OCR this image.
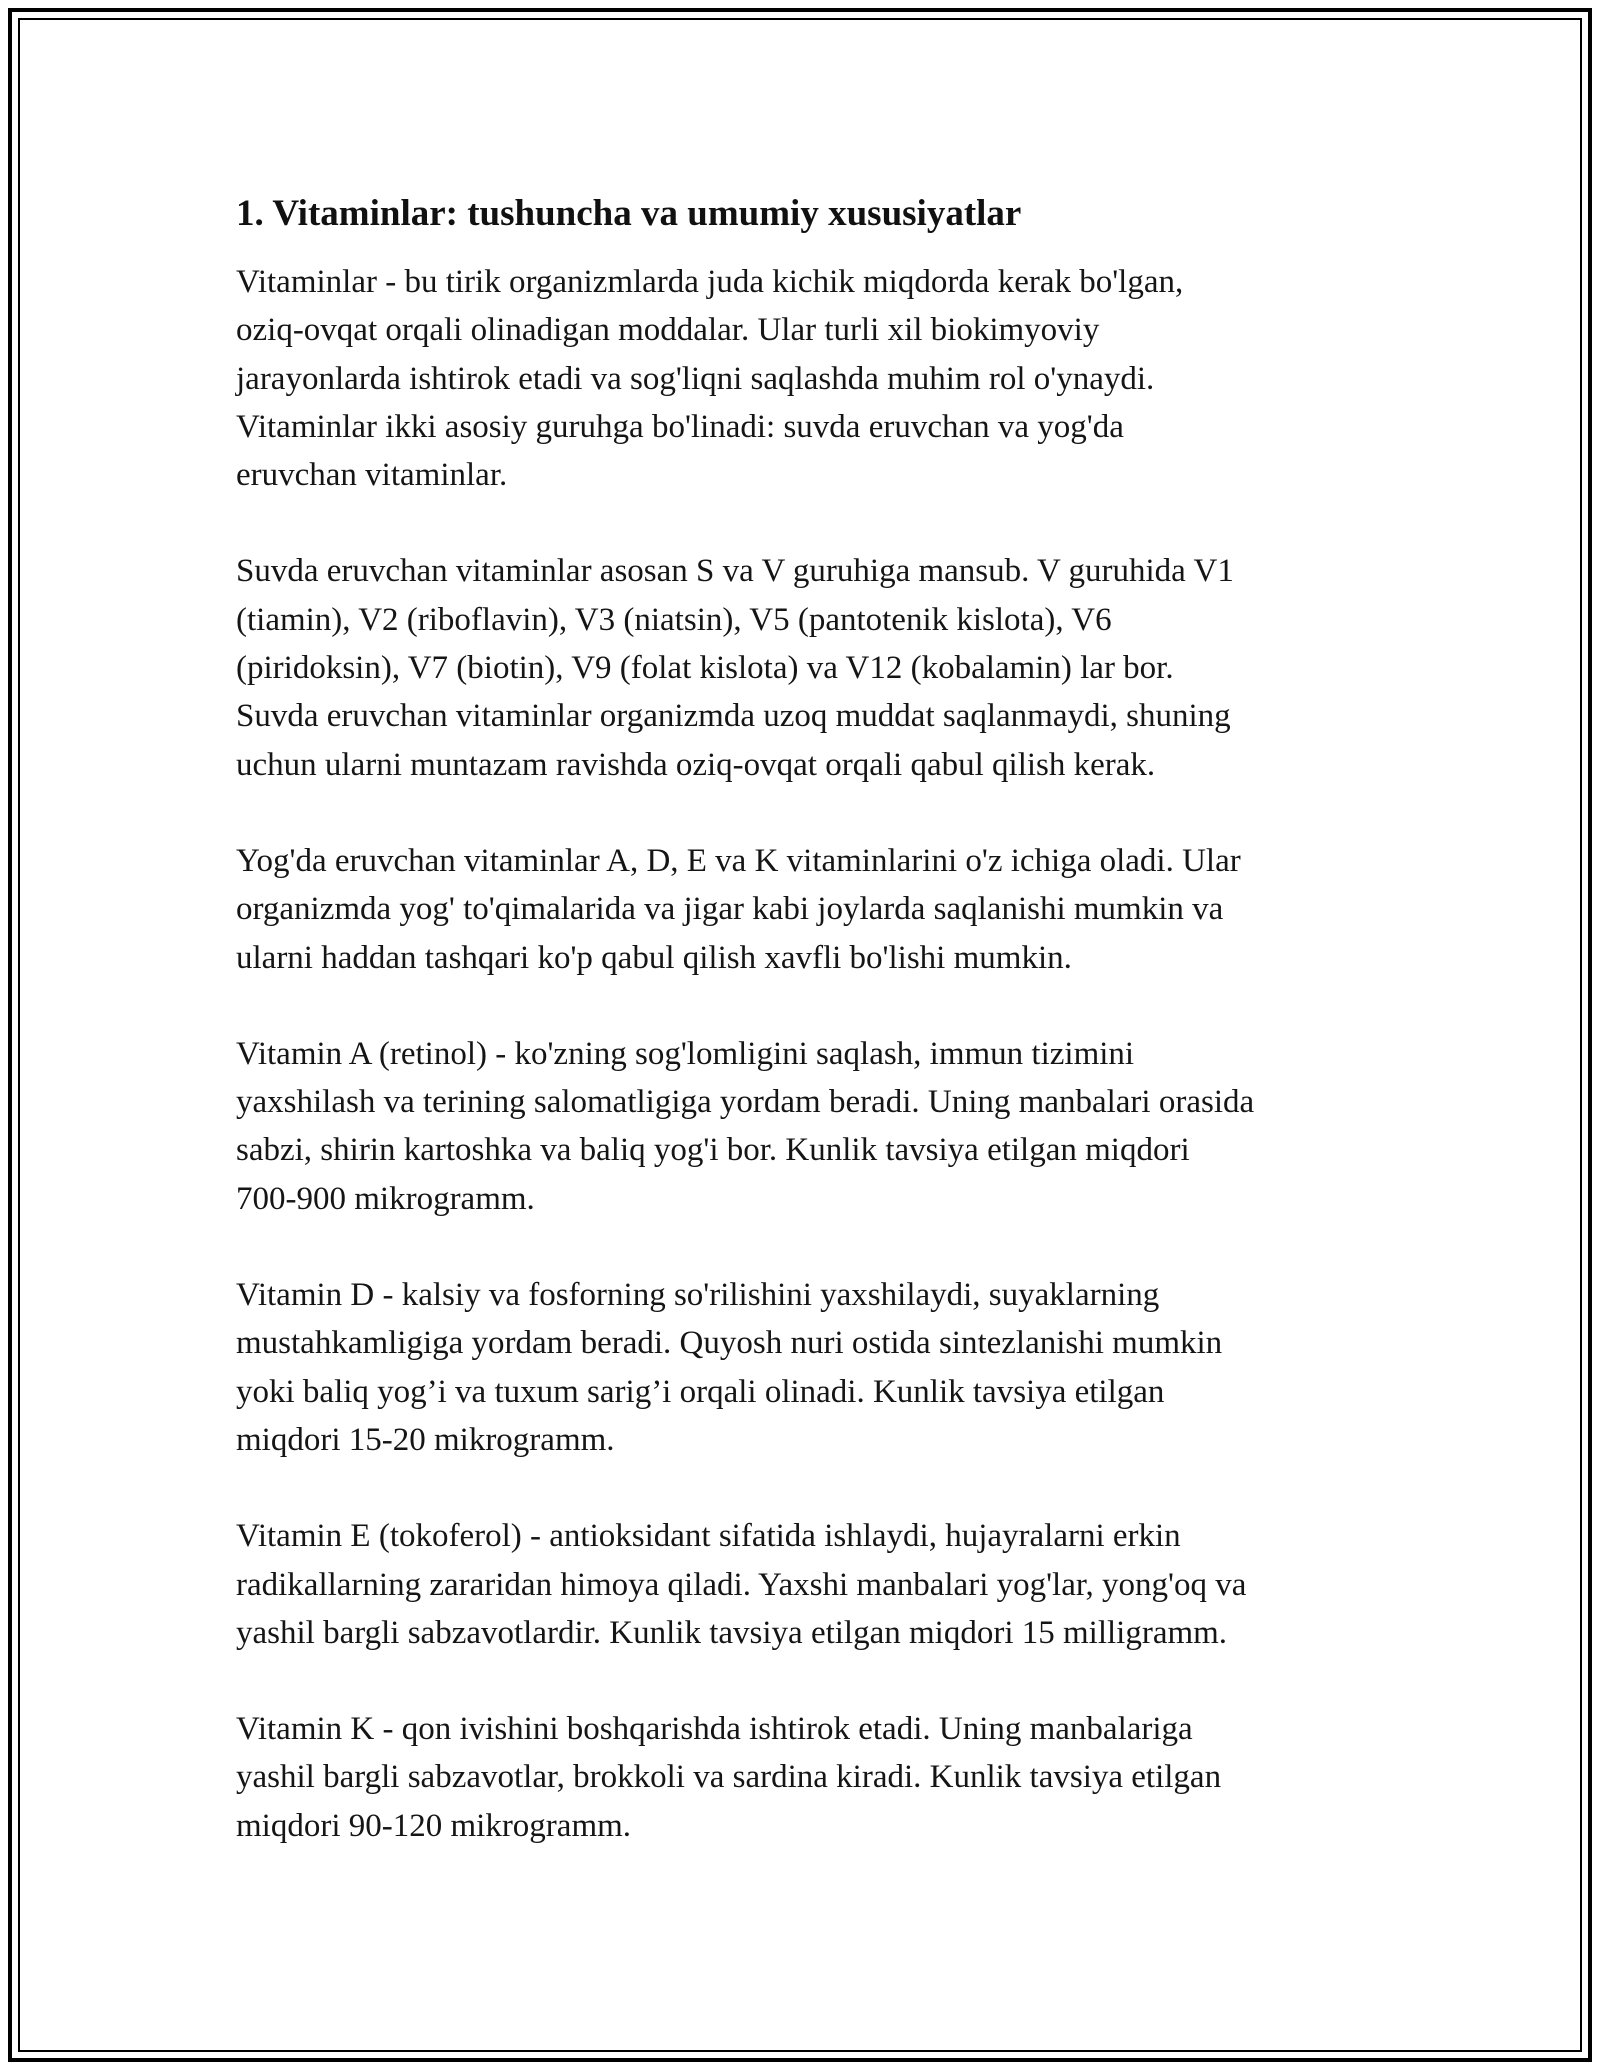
1. Vitaminlar: tushuncha va umumiy xususiyatlar
Vitaminlar - bu tirik organizmlarda juda kichik miqdorda kerak bo'lgan,
oziq-ovqat orqali olinadigan moddalar. Ular turli xil biokimyoviy
jarayonlarda ishtirok etadi va sog'liqni saqlashda muhim rol o'ynaydi.
Vitaminlar ikki asosiy guruhga bo'linadi: suvda eruvchan va yog'da
eruvchan vitaminlar.
Suvda eruvchan vitaminlar asosan S va V guruhiga mansub. V guruhida V1
(tiamin), V2 (riboflavin), V3 (niatsin), V5 (pantotenik kislota), V6
(piridoksin), V7 (biotin), V9 (folat kislota) va V12 (kobalamin) lar bor.
Suvda eruvchan vitaminlar organizmda uzoq muddat saqlanmaydi, shuning
uchun ularni muntazam ravishda oziq-ovqat orqali qabul qilish kerak.
Yog'da eruvchan vitaminlar A, D, E va K vitaminlarini o'z ichiga oladi. Ular
organizmda yog' to'qimalarida va jigar kabi joylarda saqlanishi mumkin va
ularni haddan tashqari ko'p qabul qilish xavfli bo'lishi mumkin.
Vitamin A (retinol) - ko'zning sog'lomligini saqlash, immun tizimini
yaxshilash va terining salomatligiga yordam beradi. Uning manbalari orasida
sabzi, shirin kartoshka va baliq yog'i bor. Kunlik tavsiya etilgan miqdori
700-900 mikrogramm.
Vitamin D - kalsiy va fosforning so'rilishini yaxshilaydi, suyaklarning
mustahkamligiga yordam beradi. Quyosh nuri ostida sintezlanishi mumkin
yoki baliq yog’i va tuxum sarig’i orqali olinadi. Kunlik tavsiya etilgan
miqdori 15-20 mikrogramm.
Vitamin E (tokoferol) - antioksidant sifatida ishlaydi, hujayralarni erkin
radikallarning zararidan himoya qiladi. Yaxshi manbalari yog'lar, yong'oq va
yashil bargli sabzavotlardir. Kunlik tavsiya etilgan miqdori 15 milligramm.
Vitamin K - qon ivishini boshqarishda ishtirok etadi. Uning manbalariga
yashil bargli sabzavotlar, brokkoli va sardina kiradi. Kunlik tavsiya etilgan
miqdori 90-120 mikrogramm.
